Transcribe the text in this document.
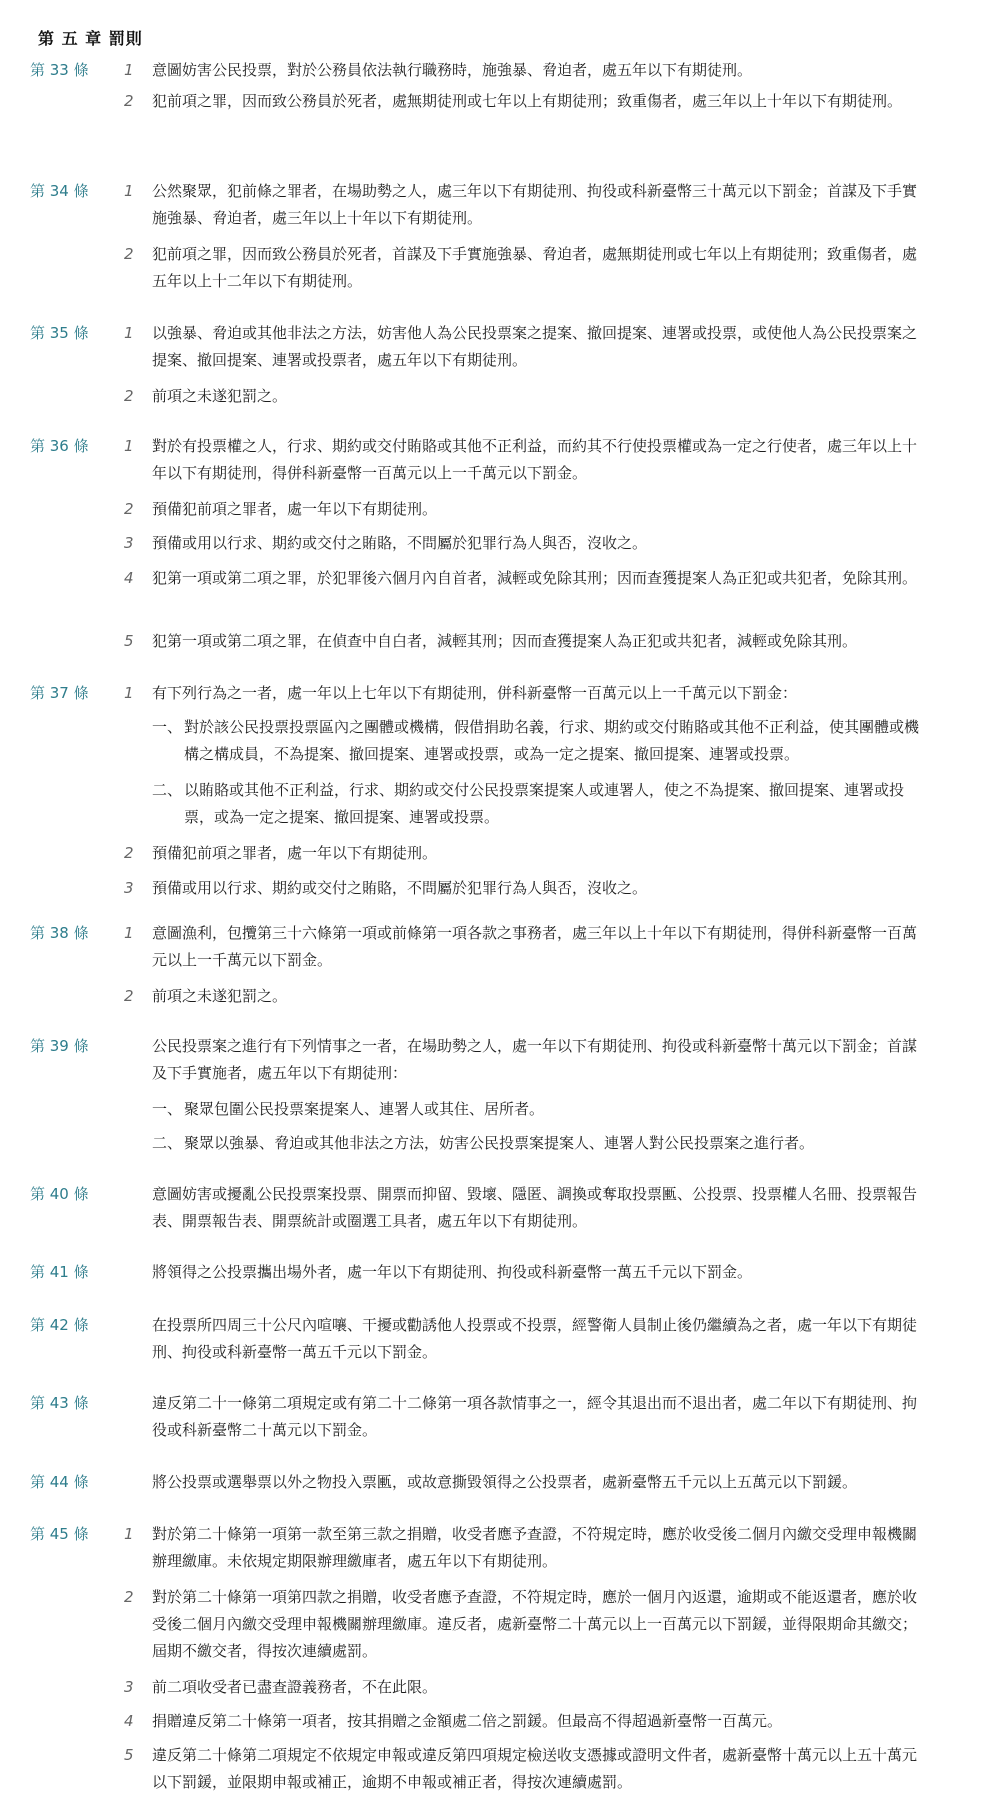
第 五 章 罰則
第 33 條 1 意圖妨害公民投票，對於公務員依法執行職務時，施強暴、脅迫者，處五年以下有期徒刑。
2 犯前項之罪，因而致公務員於死者，處無期徒刑或七年以上有期徒刑；致重傷者，處三年以上十年以下有期徒刑。
第 34 條 1 公然聚眾，犯前條之罪者，在場助勢之人，處三年以下有期徒刑、拘役或科新臺幣三十萬元以下罰金；首謀及下手實施強暴、脅迫者，處三年以上十年以下有期徒刑。
2 犯前項之罪，因而致公務員於死者，首謀及下手實施強暴、脅迫者，處無期徒刑或七年以上有期徒刑；致重傷者，處五年以上十二年以下有期徒刑。
第 35 條 1 以強暴、脅迫或其他非法之方法，妨害他人為公民投票案之提案、撤回提案、連署或投票，或使他人為公民投票案之提案、撤回提案、連署或投票者，處五年以下有期徒刑。
2 前項之未遂犯罰之。
第 36 條 1 對於有投票權之人，行求、期約或交付賄賂或其他不正利益，而約其不行使投票權或為一定之行使者，處三年以上十年以下有期徒刑，得併科新臺幣一百萬元以上一千萬元以下罰金。
2 預備犯前項之罪者，處一年以下有期徒刑。
3 預備或用以行求、期約或交付之賄賂，不問屬於犯罪行為人與否，沒收之。
4 犯第一項或第二項之罪，於犯罪後六個月內自首者，減輕或免除其刑；因而查獲提案人為正犯或共犯者，免除其刑。
5 犯第一項或第二項之罪，在偵查中自白者，減輕其刑；因而查獲提案人為正犯或共犯者，減輕或免除其刑。
第 37 條 1 有下列行為之一者，處一年以上七年以下有期徒刑，併科新臺幣一百萬元以上一千萬元以下罰金：
一、 對於該公民投票投票區內之團體或機構，假借捐助名義，行求、期約或交付賄賂或其他不正利益，使其團體或機構之構成員，不為提案、撤回提案、連署或投票，或為一定之提案、撤回提案、連署或投票。
二、 以賄賂或其他不正利益，行求、期約或交付公民投票案提案人或連署人，使之不為提案、撤回提案、連署或投票，或為一定之提案、撤回提案、連署或投票。
2 預備犯前項之罪者，處一年以下有期徒刑。
3 預備或用以行求、期約或交付之賄賂，不問屬於犯罪行為人與否，沒收之。
第 38 條 1 意圖漁利，包攬第三十六條第一項或前條第一項各款之事務者，處三年以上十年以下有期徒刑，得併科新臺幣一百萬元以上一千萬元以下罰金。
2 前項之未遂犯罰之。
第 39 條	公民投票案之進行有下列情事之一者，在場助勢之人，處一年以下有期徒刑、拘役或科新臺幣十萬元以下罰金；首謀及下手實施者，處五年以下有期徒刑：
一、 聚眾包圍公民投票案提案人、連署人或其住、居所者。
二、 聚眾以強暴、脅迫或其他非法之方法，妨害公民投票案提案人、連署人對公民投票案之進行者。
第 40 條	意圖妨害或擾亂公民投票案投票、開票而抑留、毀壞、隱匿、調換或奪取投票匭、公投票、投票權人名冊、投票報告表、開票報告表、開票統計或圈選工具者，處五年以下有期徒刑。
第 41 條	將領得之公投票攜出場外者，處一年以下有期徒刑、拘役或科新臺幣一萬五千元以下罰金。
第 42 條	在投票所四周三十公尺內喧嚷、干擾或勸誘他人投票或不投票，經警衛人員制止後仍繼續為之者，處一年以下有期徒刑、拘役或科新臺幣一萬五千元以下罰金。
第 43 條	違反第二十一條第二項規定或有第二十二條第一項各款情事之一，經令其退出而不退出者，處二年以下有期徒刑、拘役或科新臺幣二十萬元以下罰金。
第 44 條	將公投票或選舉票以外之物投入票匭，或故意撕毀領得之公投票者，處新臺幣五千元以上五萬元以下罰鍰。
第 45 條 1 對於第二十條第一項第一款至第三款之捐贈，收受者應予查證，不符規定時，應於收受後二個月內繳交受理申報機關辦理繳庫。未依規定期限辦理繳庫者，處五年以下有期徒刑。
2 對於第二十條第一項第四款之捐贈，收受者應予查證，不符規定時，應於一個月內返還，逾期或不能返還者，應於收受後二個月內繳交受理申報機關辦理繳庫。違反者，處新臺幣二十萬元以上一百萬元以下罰鍰，並得限期命其繳交；屆期不繳交者，得按次連續處罰。
3 前二項收受者已盡查證義務者，不在此限。
4 捐贈違反第二十條第一項者，按其捐贈之金額處二倍之罰鍰。但最高不得超過新臺幣一百萬元。
5 違反第二十條第二項規定不依規定申報或違反第四項規定檢送收支憑據或證明文件者，處新臺幣十萬元以上五十萬元以下罰鍰，並限期申報或補正，逾期不申報或補正者，得按次連續處罰。
